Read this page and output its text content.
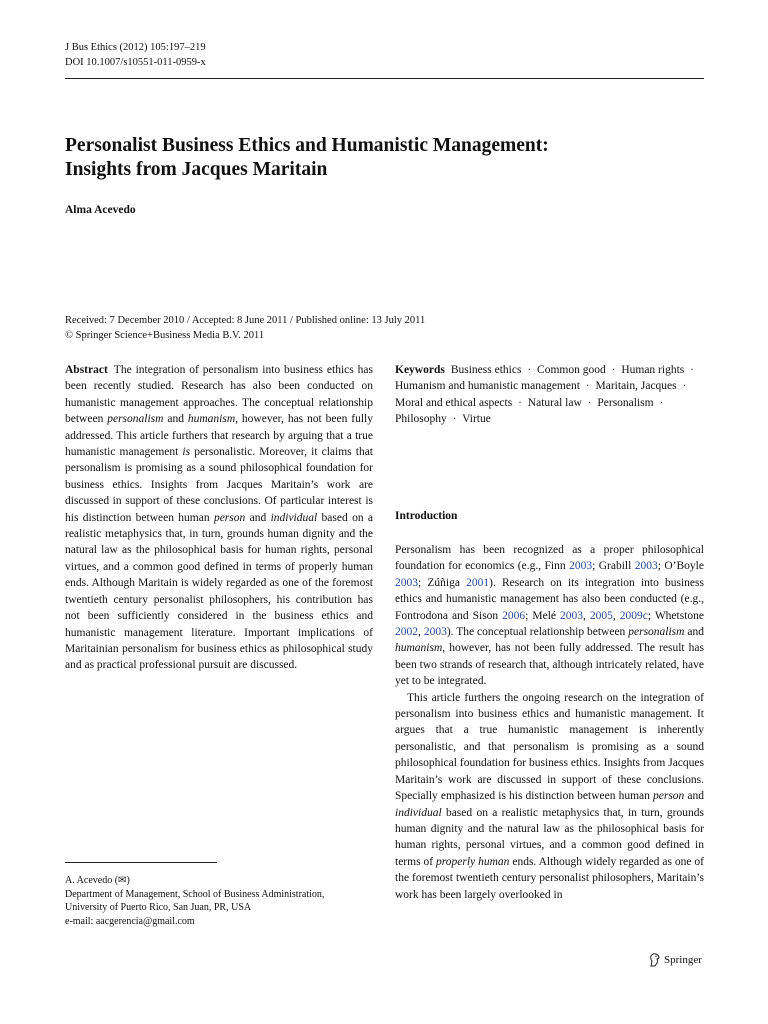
J Bus Ethics (2012) 105:197–219
DOI 10.1007/s10551-011-0959-x
Personalist Business Ethics and Humanistic Management:
Insights from Jacques Maritain
Alma Acevedo
Received: 7 December 2010 / Accepted: 8 June 2011 / Published online: 13 July 2011
© Springer Science+Business Media B.V. 2011
Abstract The integration of personalism into business ethics has been recently studied. Research has also been conducted on humanistic management approaches. The conceptual relationship between personalism and humanism, however, has not been fully addressed. This article furthers that research by arguing that a true humanistic management is personalistic. Moreover, it claims that personalism is promising as a sound philosophical foundation for business ethics. Insights from Jacques Maritain’s work are discussed in support of these conclusions. Of particular interest is his distinction between human person and individual based on a realistic metaphysics that, in turn, grounds human dignity and the natural law as the philosophical basis for human rights, personal virtues, and a common good defined in terms of properly human ends. Although Maritain is widely regarded as one of the foremost twentieth century personalist philosophers, his contribution has not been sufficiently considered in the business ethics and humanistic management literature. Important implications of Maritainian personalism for business ethics as philosophical study and as practical professional pursuit are discussed.
Keywords Business ethics · Common good · Human rights · Humanism and humanistic management · Maritain, Jacques · Moral and ethical aspects · Natural law · Personalism · Philosophy · Virtue
A. Acevedo (✉)
Department of Management, School of Business Administration,
University of Puerto Rico, San Juan, PR, USA
e-mail: aacgerencia@gmail.com
Introduction

Personalism has been recognized as a proper philosophical foundation for economics (e.g., Finn 2003; Grabill 2003; O’Boyle 2003; Zúñiga 2001). Research on its integration into business ethics and humanistic management has also been conducted (e.g., Fontrodona and Sison 2006; Melé 2003, 2005, 2009c; Whetstone 2002, 2003). The conceptual relationship between personalism and humanism, however, has not been fully addressed. The result has been two strands of research that, although intricately related, have yet to be integrated.

This article furthers the ongoing research on the integration of personalism into business ethics and humanistic management. It argues that a true humanistic management is inherently personalistic, and that personalism is promising as a sound philosophical foundation for business ethics. Insights from Jacques Maritain’s work are discussed in support of these conclusions. Specially emphasized is his distinction between human person and individual based on a realistic metaphysics that, in turn, grounds human dignity and the natural law as the philosophical basis for human rights, personal virtues, and a common good defined in terms of properly human ends. Although widely regarded as one of the foremost twentieth century personalist philosophers, Maritain’s work has been largely overlooked in

Springer
